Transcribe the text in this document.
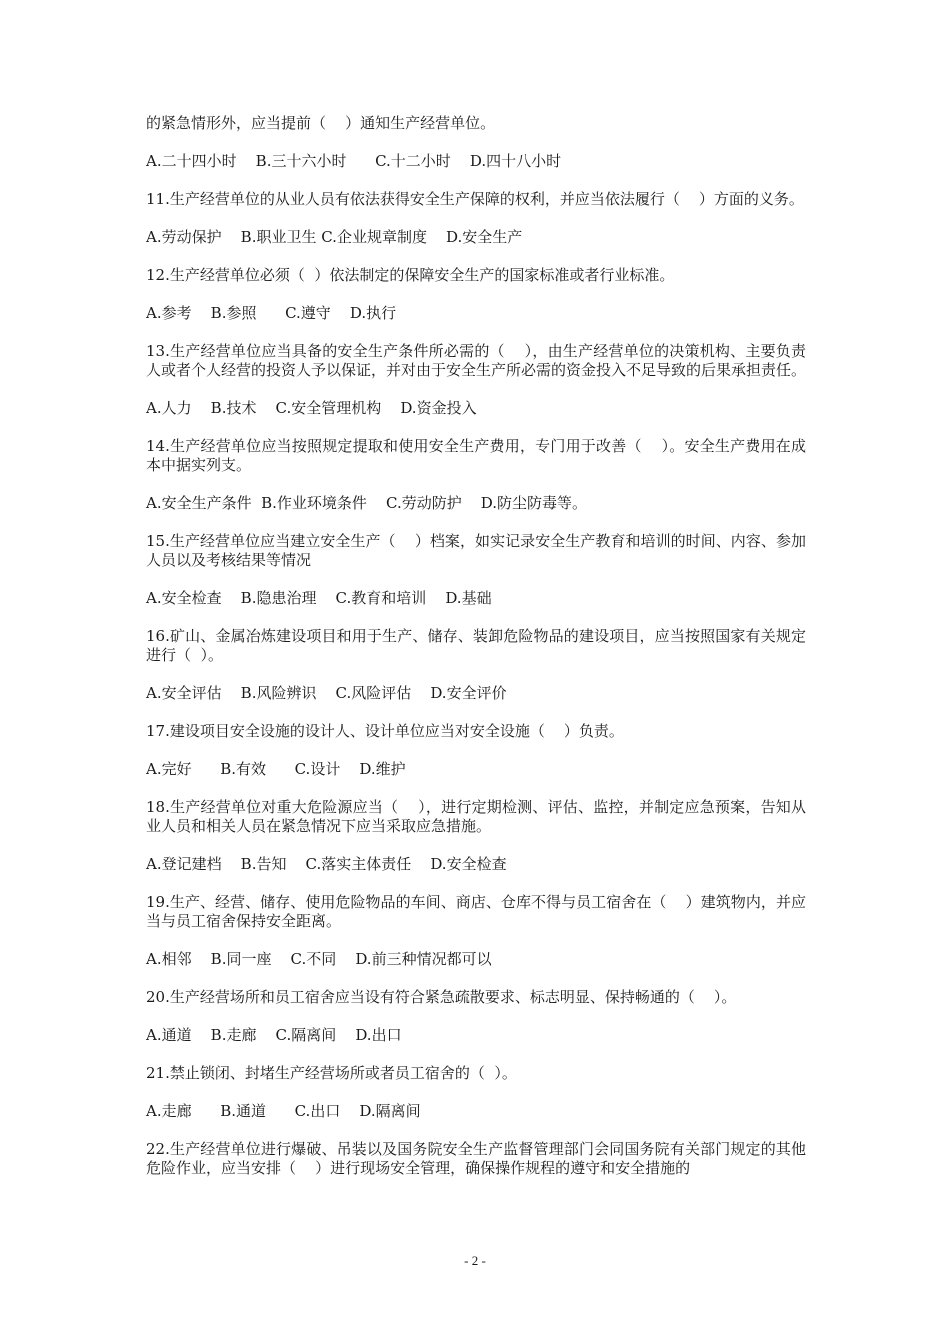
的紧急情形外，应当提前（    ）通知生产经营单位。

A.二十四小时    B.三十六小时      C.十二小时    D.四十八小时

11.生产经营单位的从业人员有依法获得安全生产保障的权利，并应当依法履行（    ）方面的义务。

A.劳动保护    B.职业卫生 C.企业规章制度    D.安全生产

12.生产经营单位必须（  ）依法制定的保障安全生产的国家标准或者行业标准。

A.参考    B.参照      C.遵守    D.执行

13.生产经营单位应当具备的安全生产条件所必需的（    ），由生产经营单位的决策机构、主要负责人或者个人经营的投资人予以保证，并对由于安全生产所必需的资金投入不足导致的后果承担责任。

A.人力    B.技术    C.安全管理机构    D.资金投入

14.生产经营单位应当按照规定提取和使用安全生产费用，专门用于改善（    ）。安全生产费用在成本中据实列支。

A.安全生产条件  B.作业环境条件    C.劳动防护    D.防尘防毒等。

15.生产经营单位应当建立安全生产（    ）档案，如实记录安全生产教育和培训的时间、内容、参加人员以及考核结果等情况

A.安全检查    B.隐患治理    C.教育和培训    D.基础

16.矿山、金属冶炼建设项目和用于生产、储存、装卸危险物品的建设项目，应当按照国家有关规定进行（  ）。

A.安全评估    B.风险辨识    C.风险评估    D.安全评价

17.建设项目安全设施的设计人、设计单位应当对安全设施（    ）负责。

A.完好      B.有效      C.设计    D.维护

18.生产经营单位对重大危险源应当（    ），进行定期检测、评估、监控，并制定应急预案，告知从业人员和相关人员在紧急情况下应当采取应急措施。

A.登记建档    B.告知    C.落实主体责任    D.安全检查

19.生产、经营、储存、使用危险物品的车间、商店、仓库不得与员工宿舍在（    ）建筑物内，并应当与员工宿舍保持安全距离。

A.相邻    B.同一座    C.不同    D.前三种情况都可以

20.生产经营场所和员工宿舍应当设有符合紧急疏散要求、标志明显、保持畅通的（    ）。

A.通道    B.走廊    C.隔离间    D.出口

21.禁止锁闭、封堵生产经营场所或者员工宿舍的（  ）。

A.走廊      B.通道      C.出口    D.隔离间

22.生产经营单位进行爆破、吊装以及国务院安全生产监督管理部门会同国务院有关部门规定的其他危险作业，应当安排（    ）进行现场安全管理，确保操作规程的遵守和安全措施的

- 2 -
